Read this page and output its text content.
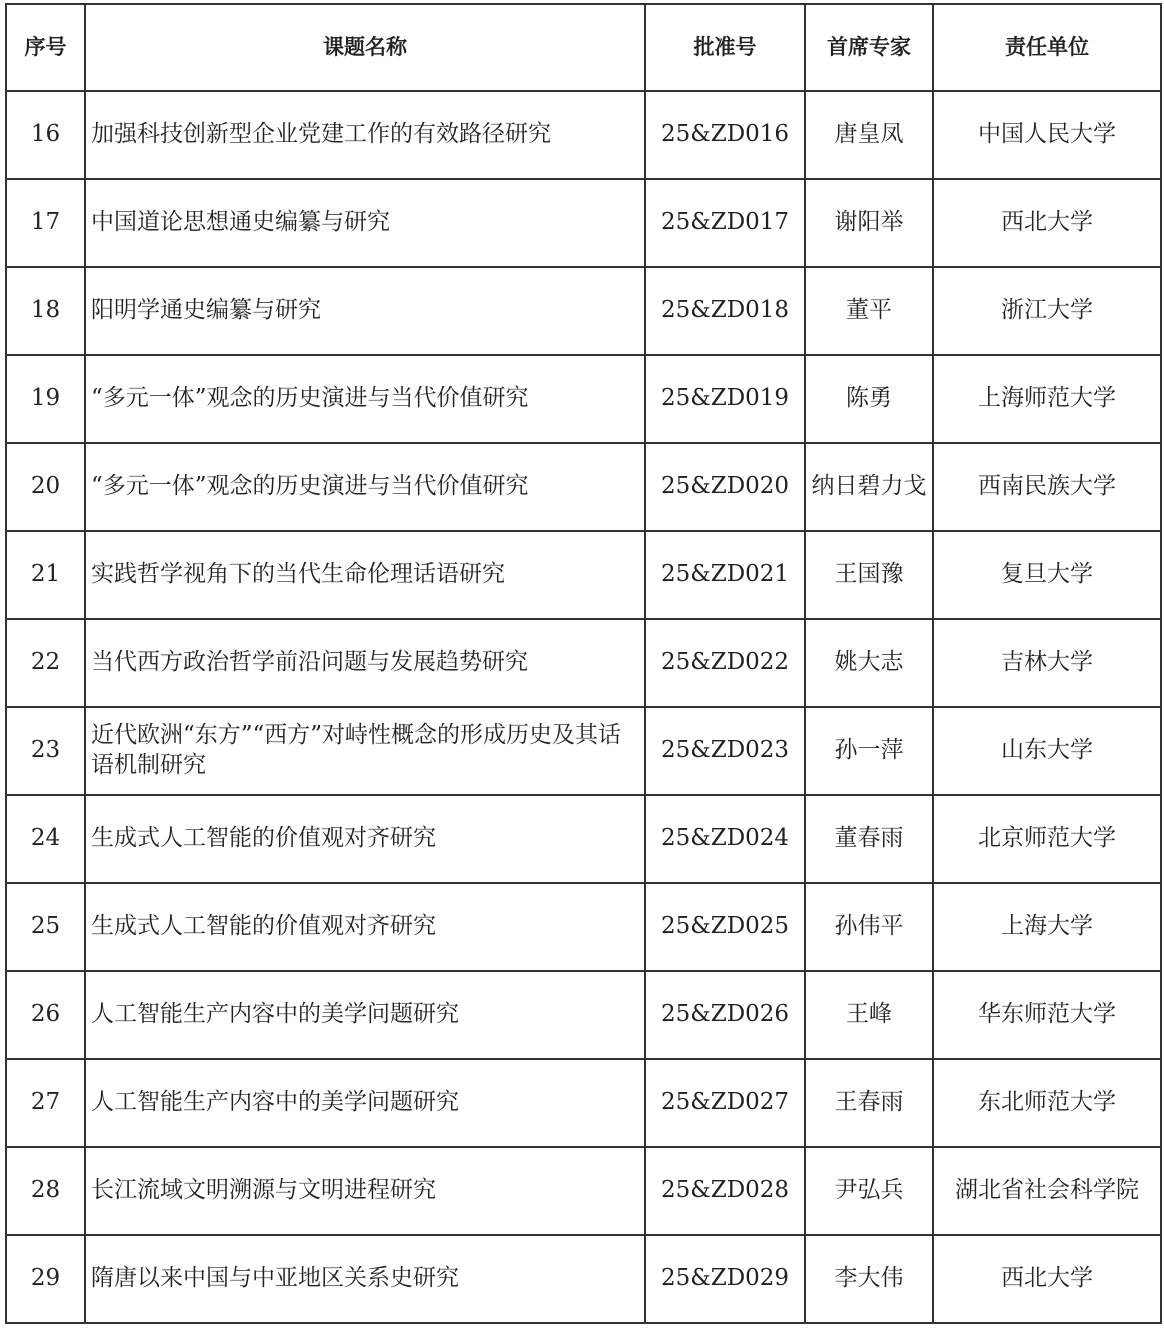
序号	课题名称	批准号	首席专家	责任单位
16	加强科技创新型企业党建工作的有效路径研究	25&ZD016	唐皇凤	中国人民大学
17	中国道论思想通史编纂与研究	25&ZD017	谢阳举	西北大学
18	阳明学通史编纂与研究	25&ZD018	董平	浙江大学
19	“多元一体”观念的历史演进与当代价值研究	25&ZD019	陈勇	上海师范大学
20	“多元一体”观念的历史演进与当代价值研究	25&ZD020	纳日碧力戈	西南民族大学
21	实践哲学视角下的当代生命伦理话语研究	25&ZD021	王国豫	复旦大学
22	当代西方政治哲学前沿问题与发展趋势研究	25&ZD022	姚大志	吉林大学
23	近代欧洲“东方”“西方”对峙性概念的形成历史及其话语机制研究	25&ZD023	孙一萍	山东大学
24	生成式人工智能的价值观对齐研究	25&ZD024	董春雨	北京师范大学
25	生成式人工智能的价值观对齐研究	25&ZD025	孙伟平	上海大学
26	人工智能生产内容中的美学问题研究	25&ZD026	王峰	华东师范大学
27	人工智能生产内容中的美学问题研究	25&ZD027	王春雨	东北师范大学
28	长江流域文明溯源与文明进程研究	25&ZD028	尹弘兵	湖北省社会科学院
29	隋唐以来中国与中亚地区关系史研究	25&ZD029	李大伟	西北大学
